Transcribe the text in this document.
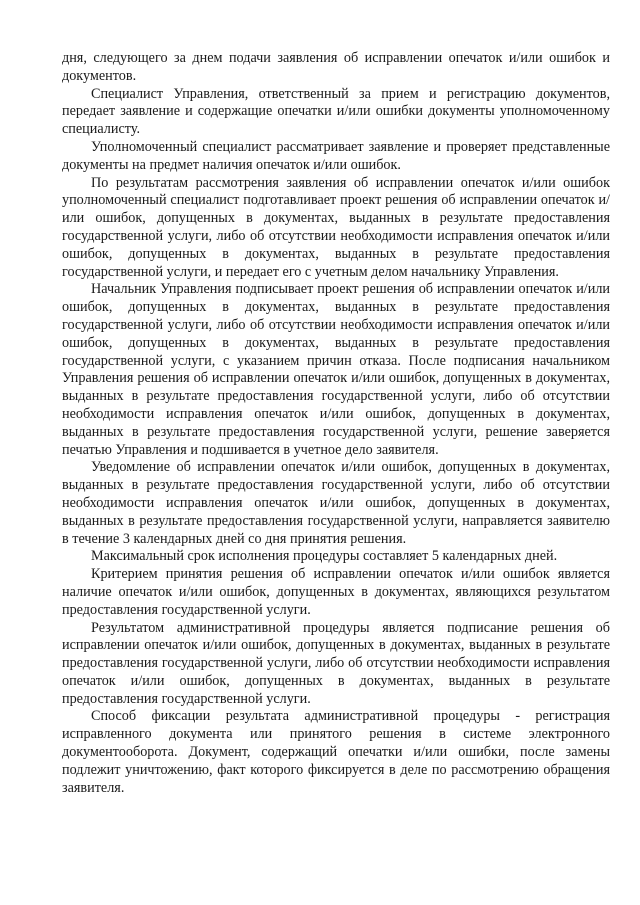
дня, следующего за днем подачи заявления об исправлении опечаток и/или ошибок и документов.

Специалист Управления, ответственный за прием и регистрацию документов, передает заявление и содержащие опечатки и/или ошибки документы уполномоченному специалисту.

Уполномоченный специалист рассматривает заявление и проверяет представленные документы на предмет наличия опечаток и/или ошибок.

По результатам рассмотрения заявления об исправлении опечаток и/или ошибок уполномоченный специалист подготавливает проект решения об исправлении опечаток и/или ошибок, допущенных в документах, выданных в результате предоставления государственной услуги, либо об отсутствии необходимости исправления опечаток и/или ошибок, допущенных в документах, выданных в результате предоставления государственной услуги, и передает его с учетным делом начальнику Управления.

Начальник Управления подписывает проект решения об исправлении опечаток и/или ошибок, допущенных в документах, выданных в результате предоставления государственной услуги, либо об отсутствии необходимости исправления опечаток и/или ошибок, допущенных в документах, выданных в результате предоставления государственной услуги, с указанием причин отказа. После подписания начальником Управления решения об исправлении опечаток и/или ошибок, допущенных в документах, выданных в результате предоставления государственной услуги, либо об отсутствии необходимости исправления опечаток и/или ошибок, допущенных в документах, выданных в результате предоставления государственной услуги, решение заверяется печатью Управления и подшивается в учетное дело заявителя.

Уведомление об исправлении опечаток и/или ошибок, допущенных в документах, выданных в результате предоставления государственной услуги, либо об отсутствии необходимости исправления опечаток и/или ошибок, допущенных в документах, выданных в результате предоставления государственной услуги, направляется заявителю в течение 3 календарных дней со дня принятия решения.

Максимальный срок исполнения процедуры составляет 5 календарных дней.

Критерием принятия решения об исправлении опечаток и/или ошибок является наличие опечаток и/или ошибок, допущенных в документах, являющихся результатом предоставления государственной услуги.

Результатом административной процедуры является подписание решения об исправлении опечаток и/или ошибок, допущенных в документах, выданных в результате предоставления государственной услуги, либо об отсутствии необходимости исправления опечаток и/или ошибок, допущенных в документах, выданных в результате предоставления государственной услуги.

Способ фиксации результата административной процедуры - регистрация исправленного документа или принятого решения в системе электронного документооборота. Документ, содержащий опечатки и/или ошибки, после замены подлежит уничтожению, факт которого фиксируется в деле по рассмотрению обращения заявителя.
